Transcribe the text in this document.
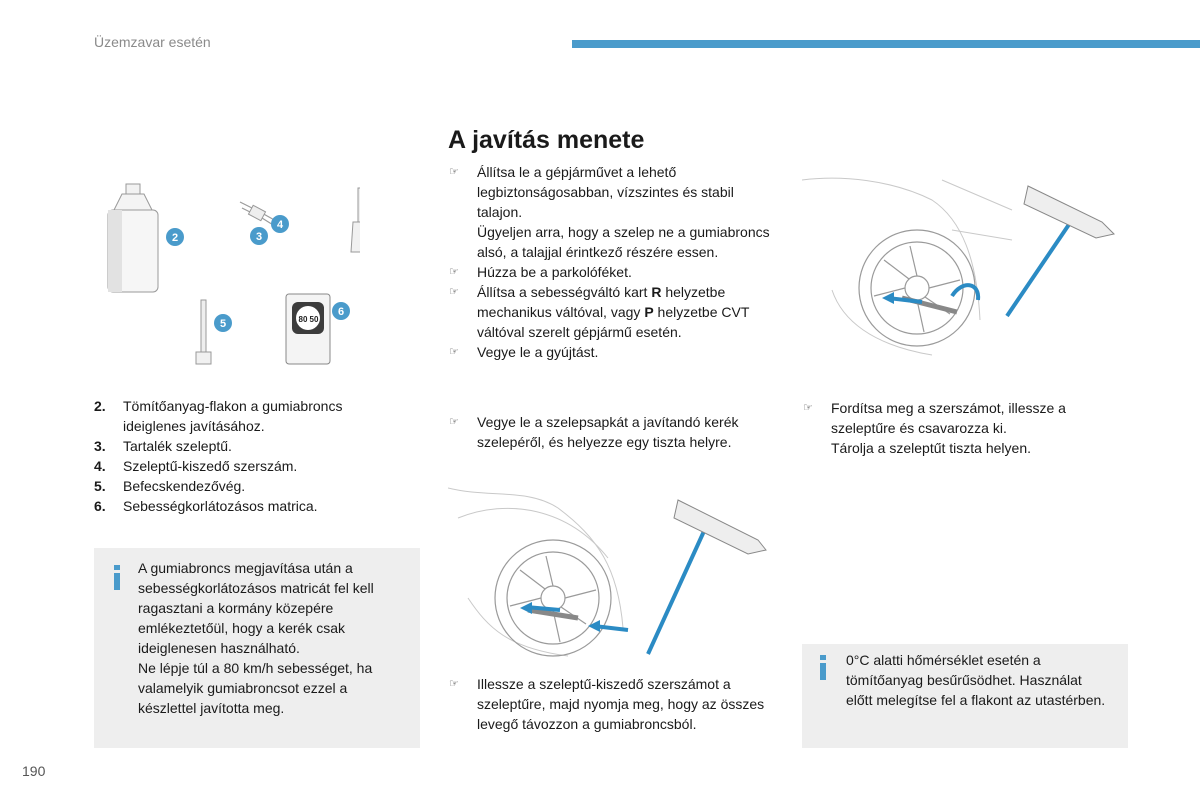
Üzemzavar esetén
2	3
4
5	80 50
6
2. Tömítőanyag-flakon a gumiabroncs ideiglenes javításához.
3. Tartalék szeleptű.
4. Szeleptű-kiszedő szerszám.
5. Befecskendezővég.
6. Sebességkorlátozásos matrica.
A gumiabroncs megjavítása után a sebességkorlátozásos matricát fel kell ragasztani a kormány közepére emlékeztetőül, hogy a kerék csak ideiglenesen használható.
Ne lépje túl a 80 km/h sebességet, ha valamelyik gumiabroncsot ezzel a készlettel javította meg.
A javítás menete
☞ Állítsa le a gépjárművet a lehető legbiztonságosabban, vízszintes és stabil talajon.
Ügyeljen arra, hogy a szelep ne a gumiabroncs alsó, a talajjal érintkező részére essen.
☞ Húzza be a parkolóféket.
☞ Állítsa a sebességváltó kart R helyzetbe mechanikus váltóval, vagy P helyzetbe CVT váltóval szerelt gépjármű esetén.
☞ Vegye le a gyújtást.
☞ Vegye le a szelepsapkát a javítandó kerék szelepéről, és helyezze egy tiszta helyre.
☞ Illessze a szeleptű-kiszedő szerszámot a szeleptűre, majd nyomja meg, hogy az összes levegő távozzon a gumiabroncsból.
☞ Fordítsa meg a szerszámot, illessze a szeleptűre és csavarozza ki.
Tárolja a szeleptűt tiszta helyen.
0°C alatti hőmérséklet esetén a tömítőanyag besűrűsödhet. Használat előtt melegítse fel a flakont az utastérben.
190
